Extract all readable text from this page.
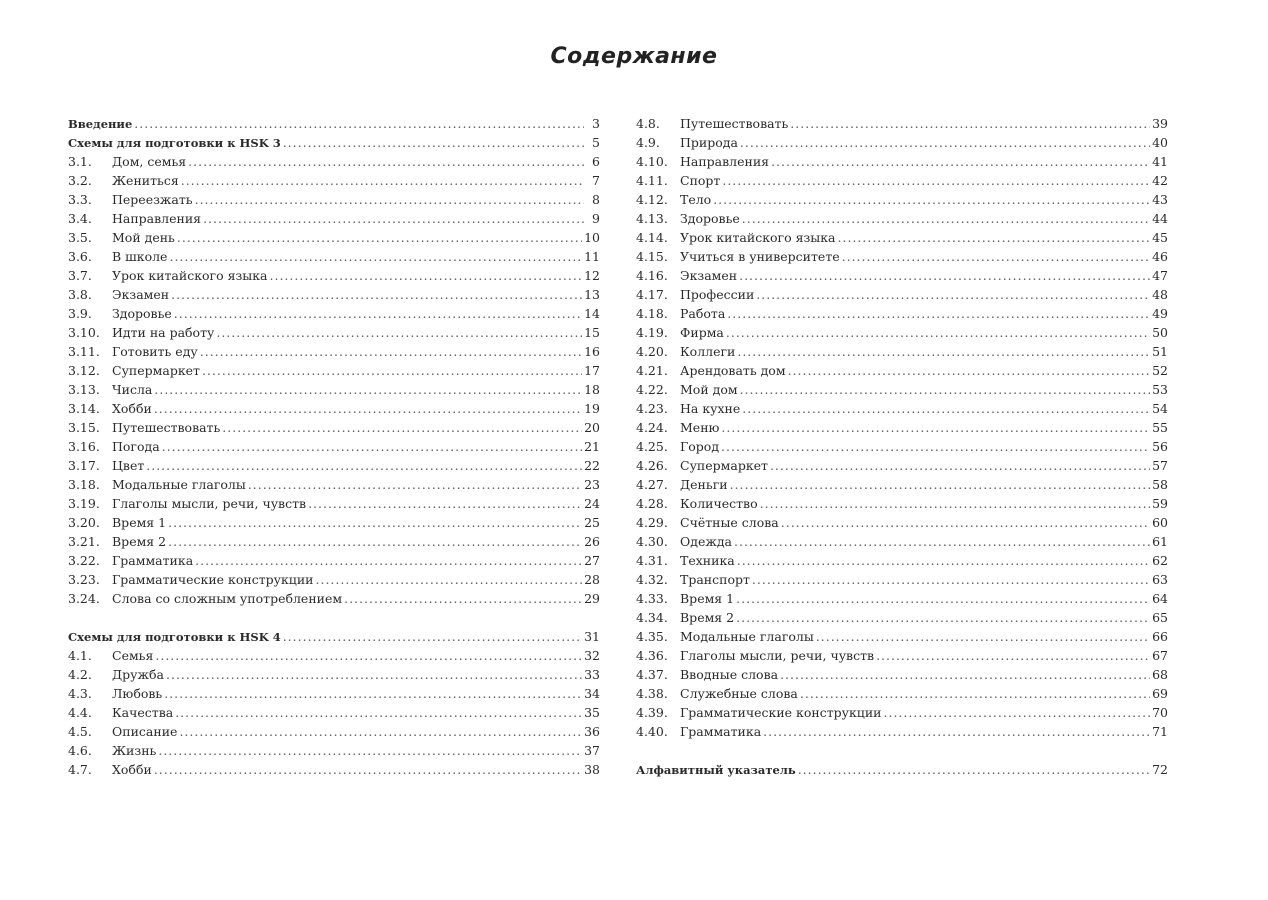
Содержание
Введение .....	3
Схемы для подготовки к HSK 3 .....	5
3.1.	Дом, семья .....	6
3.2.	Жениться .....	7
3.3.	Переезжать .....	8
3.4.	Направления .....	9
3.5.	Мой день .....	10
3.6.	В школе .....	11
3.7.	Урок китайского языка .....	12
3.8.	Экзамен .....	13
3.9.	Здоровье .....	14
3.10. Идти на работу .....	15
3.11. Готовить еду .....	16
3.12. Супермаркет .....	17
3.13. Числа .....	18
3.14. Хобби .....	19
3.15. Путешествовать .....	20
3.16. Погода .....	21
3.17. Цвет .....	22
3.18. Модальные глаголы .....	23
3.19. Глаголы мысли, речи, чувств .....	24
3.20. Время 1 .....	25
3.21. Время 2 .....	26
3.22. Грамматика .....	27
3.23. Грамматические конструкции .....	28
3.24. Слова со сложным употреблением .....	29
Схемы для подготовки к HSK 4 .....	31
4.1.	Семья .....	32
4.2.	Дружба .....	33
4.3.	Любовь .....	34
4.4.	Качества .....	35
4.5.	Описание .....	36
4.6.	Жизнь .....	37
4.7.	Хобби .....	38
4.8.	Путешествовать .....	39
4.9.	Природа .....	40
4.10. Направления .....	41
4.11. Спорт .....	42
4.12. Тело .....	43
4.13. Здоровье .....	44
4.14. Урок китайского языка .....	45
4.15. Учиться в университете .....	46
4.16. Экзамен .....	47
4.17. Профессии .....	48
4.18. Работа .....	49
4.19. Фирма .....	50
4.20. Коллеги .....	51
4.21. Арендовать дом .....	52
4.22. Мой дом .....	53
4.23. На кухне .....	54
4.24. Меню .....	55
4.25. Город .....	56
4.26. Супермаркет .....	57
4.27. Деньги .....	58
4.28. Количество .....	59
4.29. Счётные слова .....	60
4.30. Одежда .....	61
4.31. Техника .....	62
4.32. Транспорт .....	63
4.33. Время 1 .....	64
4.34. Время 2 .....	65
4.35. Модальные глаголы .....	66
4.36. Глаголы мысли, речи, чувств .....	67
4.37. Вводные слова .....	68
4.38. Служебные слова .....	69
4.39. Грамматические конструкции .....	70
4.40. Грамматика .....	71
Алфавитный указатель .....	72
